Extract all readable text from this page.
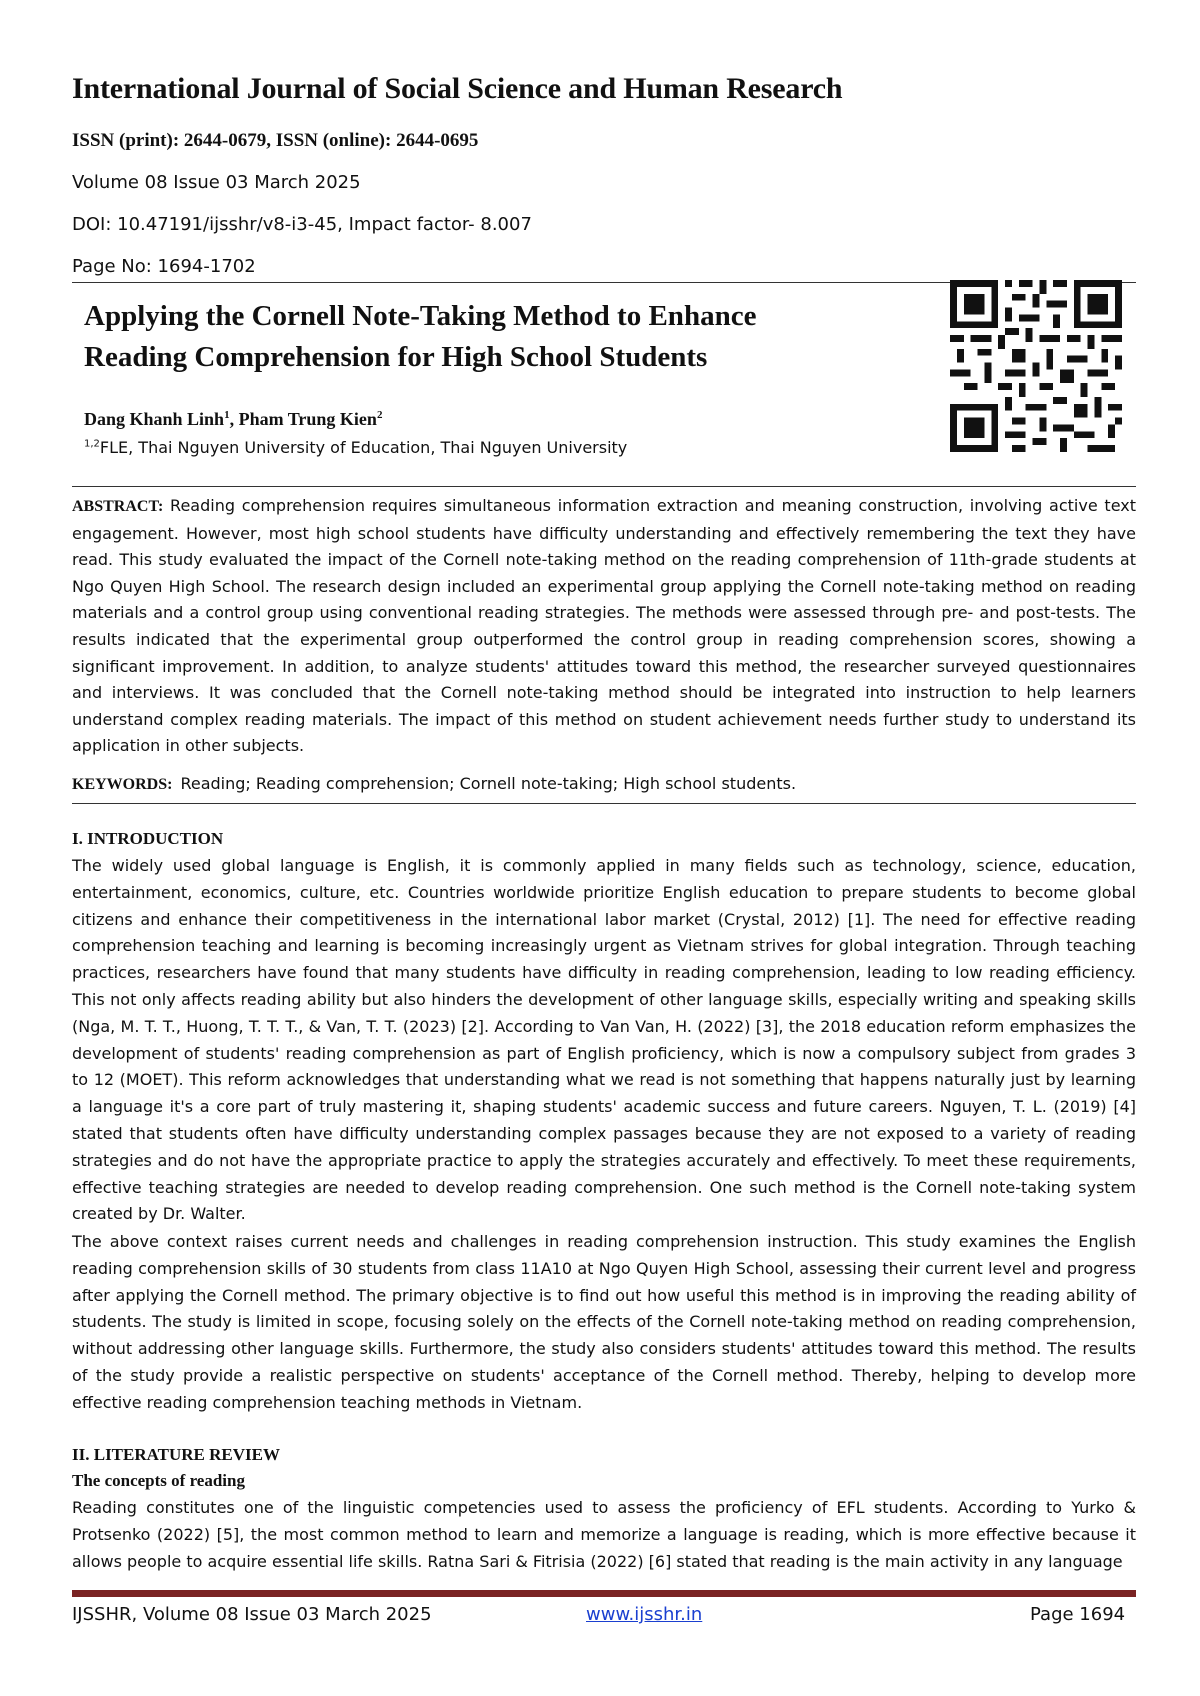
International Journal of Social Science and Human Research
ISSN (print): 2644-0679, ISSN (online): 2644-0695
Volume 08 Issue 03 March 2025
DOI: 10.47191/ijsshr/v8-i3-45, Impact factor- 8.007
Page No: 1694-1702
Applying the Cornell Note-Taking Method to Enhance
Reading Comprehension for High School Students
Dang Khanh Linh$^1$, Pham Trung Kien$^2$
$^{1,2}$FLE, Thai Nguyen University of Education, Thai Nguyen University
ABSTRACT: Reading comprehension requires simultaneous information extraction and meaning construction, involving active text engagement. However, most high school students have difficulty understanding and effectively remembering the text they have read. This study evaluated the impact of the Cornell note-taking method on the reading comprehension of 11th-grade students at Ngo Quyen High School. The research design included an experimental group applying the Cornell note-taking method on reading materials and a control group using conventional reading strategies. The methods were assessed through pre- and post-tests. The results indicated that the experimental group outperformed the control group in reading comprehension scores, showing a significant improvement. In addition, to analyze students' attitudes toward this method, the researcher surveyed questionnaires and interviews. It was concluded that the Cornell note-taking method should be integrated into instruction to help learners understand complex reading materials. The impact of this method on student achievement needs further study to understand its application in other subjects.
KEYWORDS: Reading; Reading comprehension; Cornell note-taking; High school students.
I. INTRODUCTION
The widely used global language is English, it is commonly applied in many fields such as technology, science, education, entertainment, economics, culture, etc. Countries worldwide prioritize English education to prepare students to become global citizens and enhance their competitiveness in the international labor market (Crystal, 2012) [1]. The need for effective reading comprehension teaching and learning is becoming increasingly urgent as Vietnam strives for global integration. Through teaching practices, researchers have found that many students have difficulty in reading comprehension, leading to low reading efficiency. This not only affects reading ability but also hinders the development of other language skills, especially writing and speaking skills (Nga, M. T. T., Huong, T. T. T., & Van, T. T. (2023) [2]. According to Van Van, H. (2022) [3], the 2018 education reform emphasizes the development of students' reading comprehension as part of English proficiency, which is now a compulsory subject from grades 3 to 12 (MOET). This reform acknowledges that understanding what we read is not something that happens naturally just by learning a language it's a core part of truly mastering it, shaping students' academic success and future careers. Nguyen, T. L. (2019) [4] stated that students often have difficulty understanding complex passages because they are not exposed to a variety of reading strategies and do not have the appropriate practice to apply the strategies accurately and effectively. To meet these requirements, effective teaching strategies are needed to develop reading comprehension. One such method is the Cornell note-taking system created by Dr. Walter.
The above context raises current needs and challenges in reading comprehension instruction. This study examines the English reading comprehension skills of 30 students from class 11A10 at Ngo Quyen High School, assessing their current level and progress after applying the Cornell method. The primary objective is to find out how useful this method is in improving the reading ability of students. The study is limited in scope, focusing solely on the effects of the Cornell note-taking method on reading comprehension, without addressing other language skills. Furthermore, the study also considers students' attitudes toward this method. The results of the study provide a realistic perspective on students' acceptance of the Cornell method. Thereby, helping to develop more effective reading comprehension teaching methods in Vietnam.
II. LITERATURE REVIEW
The concepts of reading
Reading constitutes one of the linguistic competencies used to assess the proficiency of EFL students. According to Yurko & Protsenko (2022) [5], the most common method to learn and memorize a language is reading, which is more effective because it allows people to acquire essential life skills. Ratna Sari & Fitrisia (2022) [6] stated that reading is the main activity in any language
IJSSHR, Volume 08 Issue 03 March 2025	www.ijsshr.in	Page 1694
